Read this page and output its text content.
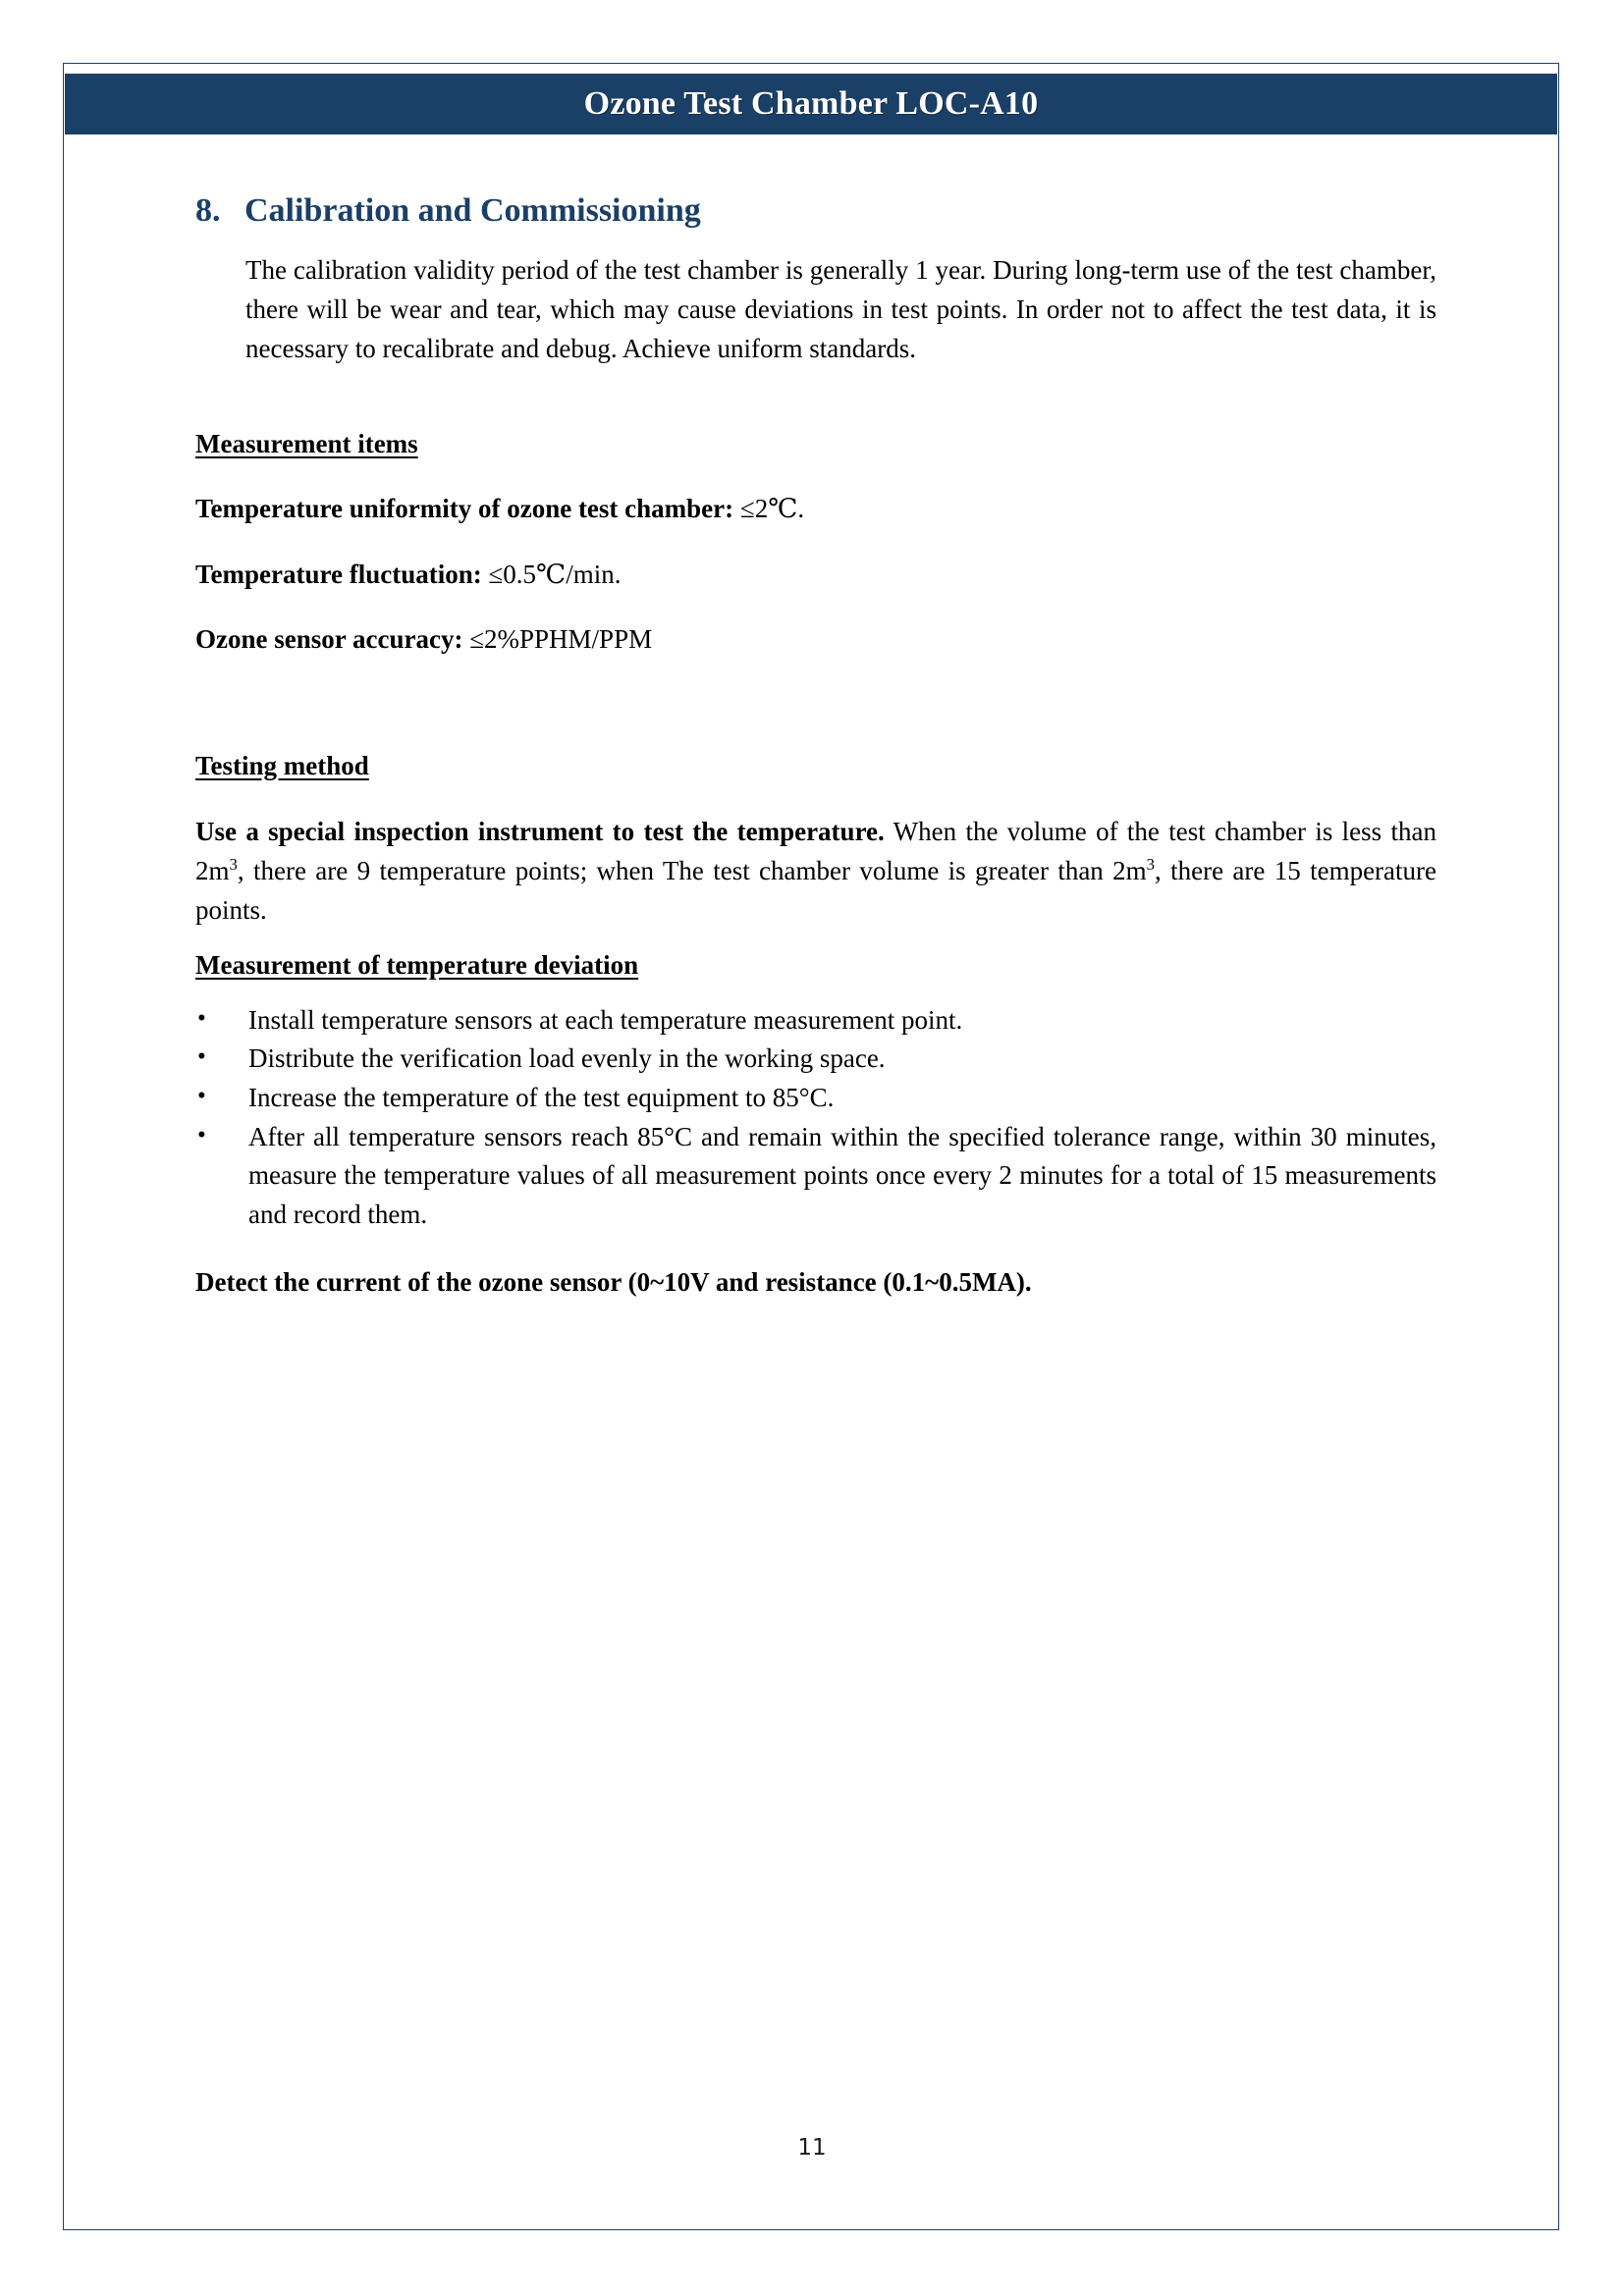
Ozone Test Chamber LOC-A10
8. Calibration and Commissioning

The calibration validity period of the test chamber is generally 1 year. During long-term use of the test chamber, there will be wear and tear, which may cause deviations in test points. In order not to affect the test data, it is necessary to recalibrate and debug. Achieve uniform standards.

Measurement items

Temperature uniformity of ozone test chamber: ≤2℃.

Temperature fluctuation: ≤0.5℃/min.

Ozone sensor accuracy: ≤2%PPHM/PPM

Testing method

Use a special inspection instrument to test the temperature. When the volume of the test chamber is less than $2m^3$, there are 9 temperature points; when The test chamber volume is greater than $2m^3$, there are 15 temperature points.

Measurement of temperature deviation

• Install temperature sensors at each temperature measurement point.
• Distribute the verification load evenly in the working space.
• Increase the temperature of the test equipment to 85°C.
• After all temperature sensors reach 85°C and remain within the specified tolerance range, within 30 minutes, measure the temperature values of all measurement points once every 2 minutes for a total of 15 measurements and record them.

Detect the current of the ozone sensor (0~10V and resistance (0.1~0.5MA).

11
